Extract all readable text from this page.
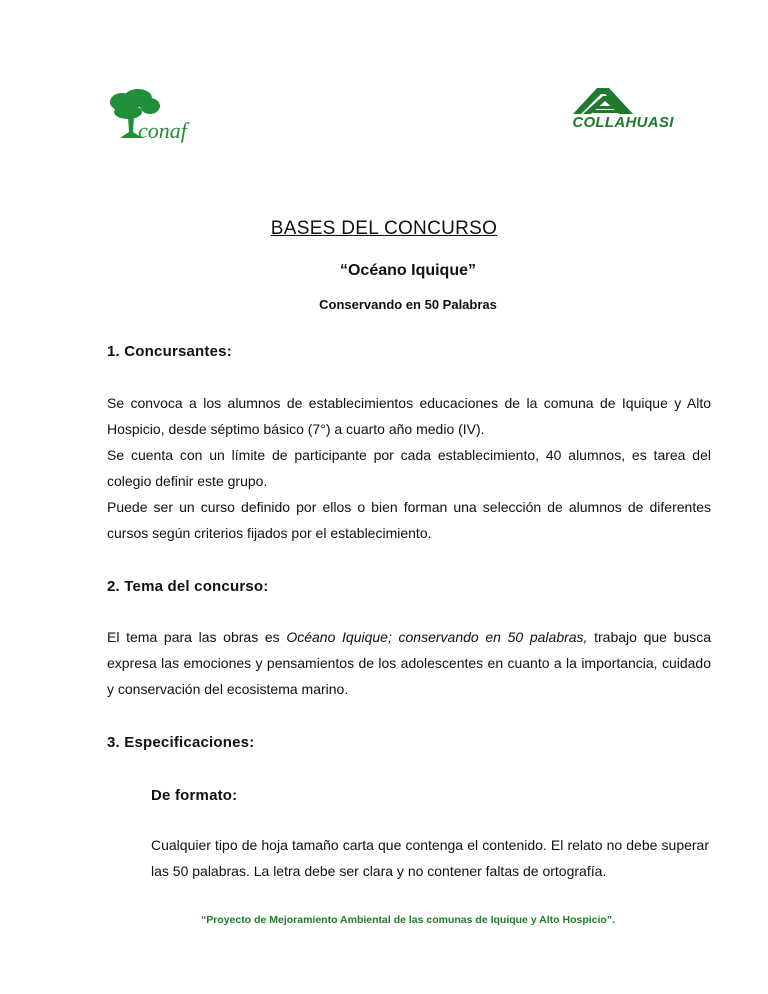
conaf	COLLAHUASI
BASES DEL CONCURSO
“Océano Iquique”
Conservando en 50 Palabras
1. Concursantes:

Se convoca a los alumnos de establecimientos educaciones de la comuna de Iquique y Alto Hospicio, desde séptimo básico (7°) a cuarto año medio (IV).

Se cuenta con un límite de participante por cada establecimiento, 40 alumnos, es tarea del colegio definir este grupo.

Puede ser un curso definido por ellos o bien forman una selección de alumnos de diferentes cursos según criterios fijados por el establecimiento.

2. Tema del concurso:

El tema para las obras es Océano Iquique; conservando en 50 palabras, trabajo que busca expresa las emociones y pensamientos de los adolescentes en cuanto a la importancia, cuidado y conservación del ecosistema marino.

3. Especificaciones:
De formato:

Cualquier tipo de hoja tamaño carta que contenga el contenido. El relato no debe superar las 50 palabras. La letra debe ser clara y no contener faltas de ortografía.

“Proyecto de Mejoramiento Ambiental de las comunas de Iquique y Alto Hospicio”.
